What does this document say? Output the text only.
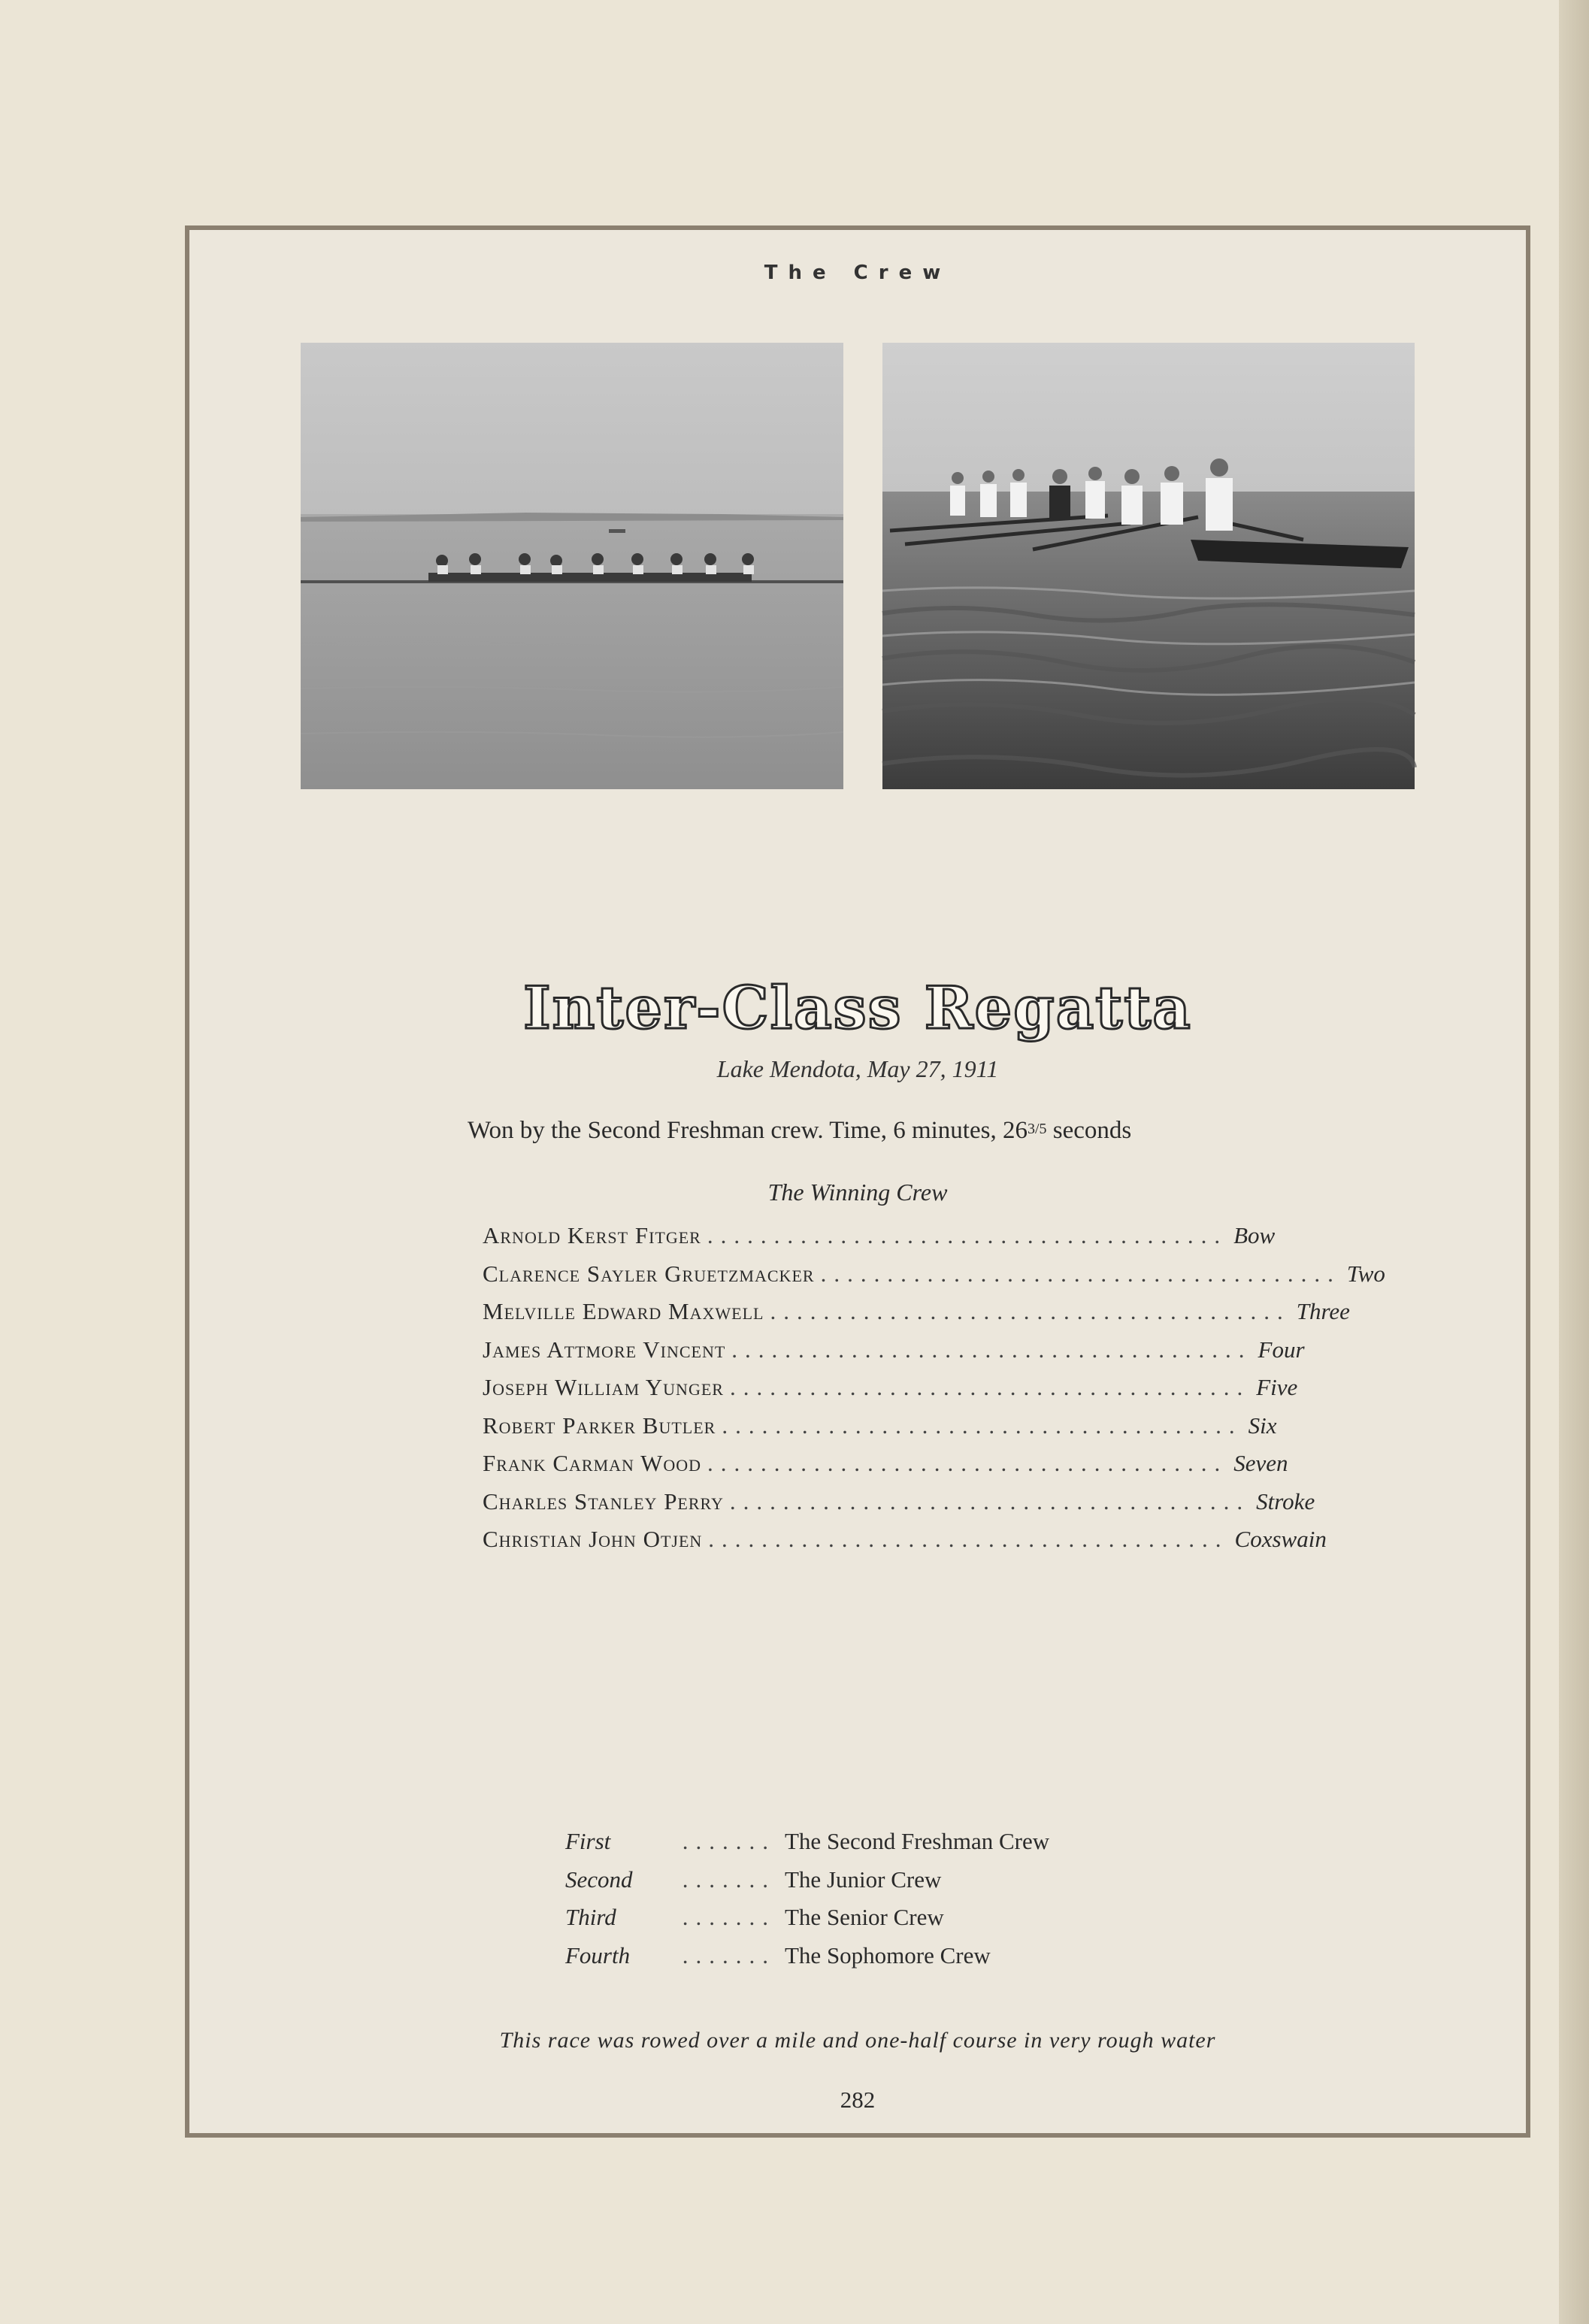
The Crew
Inter-Class Regatta
Lake Mendota, May 27, 1911
Won by the Second Freshman crew. Time, 6 minutes, 263/5 seconds
The Winning Crew
Arnold Kerst Fitger ....................................... Bow
Clarence Sayler Gruetzmacker ....................................... Two
Melville Edward Maxwell ....................................... Three
James Attmore Vincent ....................................... Four
Joseph William Yunger ....................................... Five
Robert Parker Butler ....................................... Six
Frank Carman Wood ....................................... Seven
Charles Stanley Perry ....................................... Stroke
Christian John Otjen ....................................... Coxswain
First	....... The Second Freshman Crew
Second	....... The Junior Crew
Third	....... The Senior Crew
Fourth	....... The Sophomore Crew
This race was rowed over a mile and one-half course in very rough water
282
